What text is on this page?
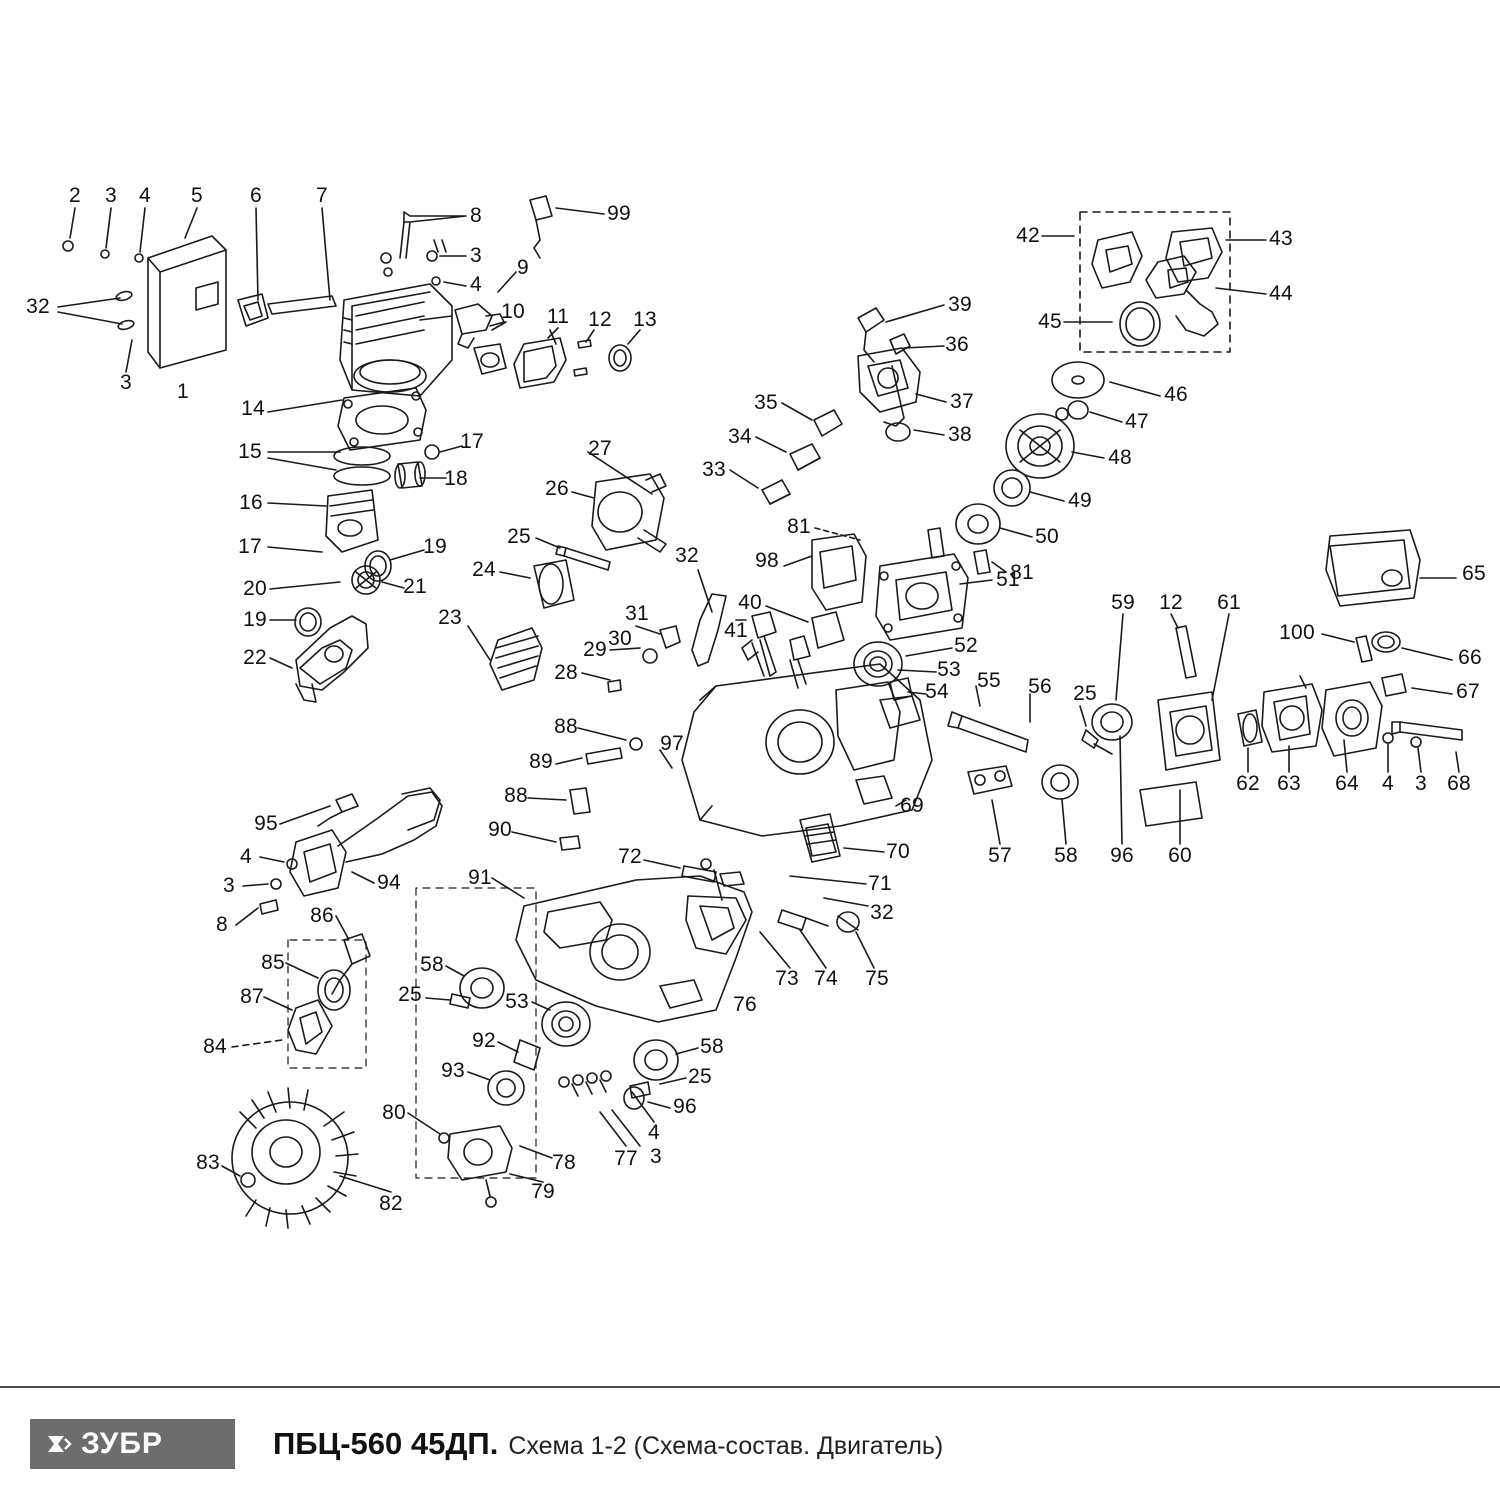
2 3 4 5 6	7
8	99
3
4
9
32	10 11 12 13
39
36
42	43
44
45
3 1	35	37
34	38
46
47
14
33
48
17
15	27
18
16
26
49
50
17	19	25	81
81	65
20	21
24
32	98
51
19	23	31	40	59 12 61
30	41	100
22	29	52
53
66
28
54 55 56 25	67
88
97
89
62 63 64 4 3 68
88	69
95	90
57 58 96 60
4	72	70
3	94	91	71
8	86	32
58
85
73 74 75
87	25	53	76
84	92
93
58
25
96
80
83
4
78 77 3
79
82
ЗУБР	ПБЦ-560 45ДП. Схема 1-2 (Схема-состав. Двигатель)
